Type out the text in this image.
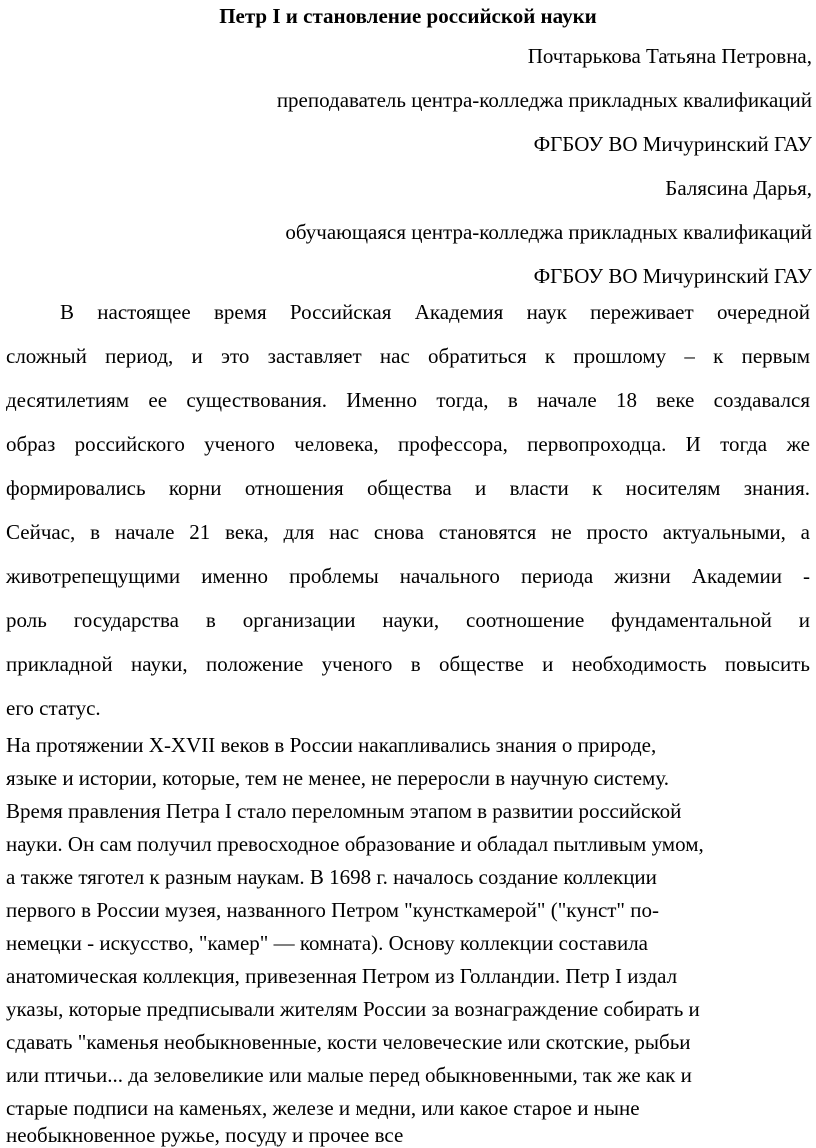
Петр I и становление российской науки
Почтарькова Татьяна Петровна,
преподаватель центра-колледжа прикладных квалификаций
ФГБОУ ВО Мичуринский ГАУ
Балясина Дарья,
обучающаяся центра-колледжа прикладных квалификаций
ФГБОУ ВО Мичуринский ГАУ
В настоящее время Российская Академия наук переживает очередной
сложный период, и это заставляет нас обратиться к прошлому – к первым
десятилетиям ее существования. Именно тогда, в начале 18 веке создавался
образ российского ученого человека, профессора, первопроходца. И тогда же
формировались корни отношения общества и власти к носителям знания.
Сейчас, в начале 21 века, для нас снова становятся не просто актуальными, а
животрепещущими именно проблемы начального периода жизни Академии -
роль государства в организации науки, соотношение фундаментальной и
прикладной науки, положение ученого в обществе и необходимость повысить
его статус.
На протяжении X-XVII веков в России накапливались знания о природе,
языке и истории, которые, тем не менее, не переросли в научную систему.
Время правления Петра I стало переломным этапом в развитии российской
науки. Он сам получил превосходное образование и обладал пытливым умом,
а также тяготел к разным наукам. В 1698 г. началось создание коллекции
первого в России музея, названного Петром "кунсткамерой" ("кунст" по-
немецки - искусство, "камер" — комната). Основу коллекции составила
анатомическая коллекция, привезенная Петром из Голландии. Петр I издал
указы, которые предписывали жителям России за вознаграждение собирать и
сдавать "каменья необыкновенные, кости человеческие или скотские, рыбьи
или птичьи... да зеловеликие или малые перед обыкновенными, так же как и
старые подписи на каменьях, железе и медни, или какое старое и ныне
необыкновенное ружье, посуду и прочее все
